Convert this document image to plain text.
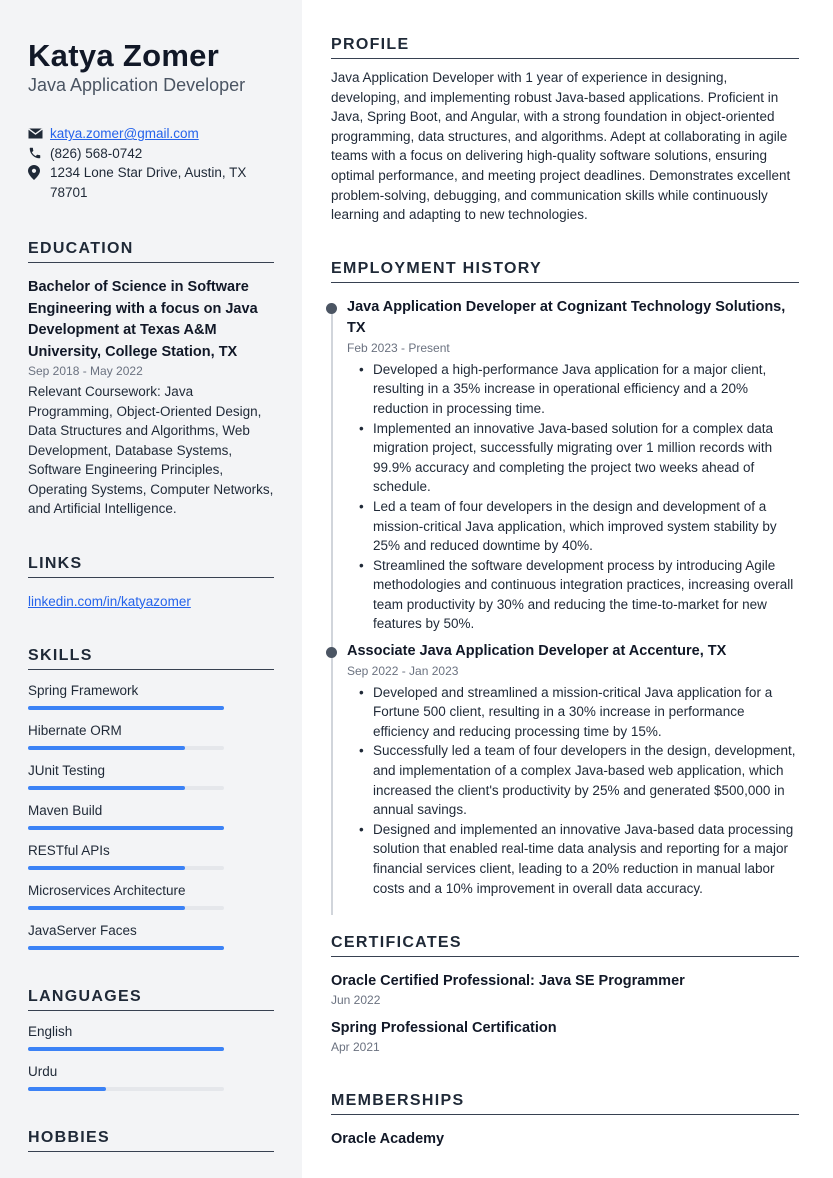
Katya Zomer
Java Application Developer
katya.zomer@gmail.com
(826) 568-0742
1234 Lone Star Drive, Austin, TX 78701
EDUCATION
Bachelor of Science in Software Engineering with a focus on Java Development at Texas A&M University, College Station, TX
Sep 2018 - May 2022
Relevant Coursework: Java Programming, Object-Oriented Design, Data Structures and Algorithms, Web Development, Database Systems, Software Engineering Principles, Operating Systems, Computer Networks, and Artificial Intelligence.
LINKS
linkedin.com/in/katyazomer
SKILLS
Spring Framework
Hibernate ORM
JUnit Testing
Maven Build
RESTful APIs
Microservices Architecture
JavaServer Faces
LANGUAGES
English
Urdu
HOBBIES
PROFILE

Java Application Developer with 1 year of experience in designing, developing, and implementing robust Java-based applications. Proficient in Java, Spring Boot, and Angular, with a strong foundation in object-oriented programming, data structures, and algorithms. Adept at collaborating in agile teams with a focus on delivering high-quality software solutions, ensuring optimal performance, and meeting project deadlines. Demonstrates excellent problem-solving, debugging, and communication skills while continuously learning and adapting to new technologies.

EMPLOYMENT HISTORY
Java Application Developer at Cognizant Technology Solutions, TX
Feb 2023 - Present
• Developed a high-performance Java application for a major client, resulting in a 35% increase in operational efficiency and a 20% reduction in processing time.
• Implemented an innovative Java-based solution for a complex data migration project, successfully migrating over 1 million records with 99.9% accuracy and completing the project two weeks ahead of schedule.
• Led a team of four developers in the design and development of a mission-critical Java application, which improved system stability by 25% and reduced downtime by 40%.
• Streamlined the software development process by introducing Agile methodologies and continuous integration practices, increasing overall team productivity by 30% and reducing the time-to-market for new features by 50%.
Associate Java Application Developer at Accenture, TX
Sep 2022 - Jan 2023
• Developed and streamlined a mission-critical Java application for a Fortune 500 client, resulting in a 30% increase in performance efficiency and reducing processing time by 15%.
• Successfully led a team of four developers in the design, development, and implementation of a complex Java-based web application, which increased the client's productivity by 25% and generated $500,000 in annual savings.
• Designed and implemented an innovative Java-based data processing solution that enabled real-time data analysis and reporting for a major financial services client, leading to a 20% reduction in manual labor costs and a 10% improvement in overall data accuracy.
CERTIFICATES
Oracle Certified Professional: Java SE Programmer
Jun 2022
Spring Professional Certification
Apr 2021
MEMBERSHIPS
Oracle Academy
